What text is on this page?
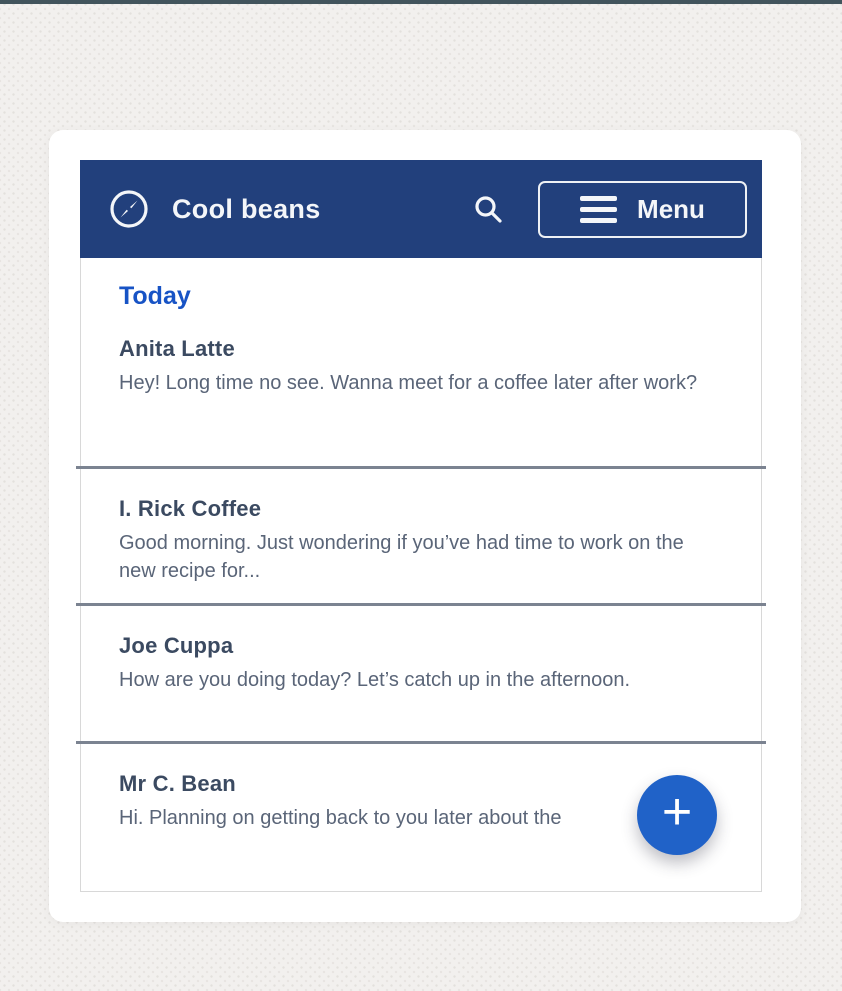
Cool beans	Menu
Today
Anita Latte
Hey! Long time no see. Wanna meet for a coffee later after work?
I. Rick Coffee
Good morning. Just wondering if you’ve had time to work on the new recipe for...
Joe Cuppa
How are you doing today? Let’s catch up in the afternoon.
Mr C. Bean
Hi. Planning on getting back to you later about the	+
